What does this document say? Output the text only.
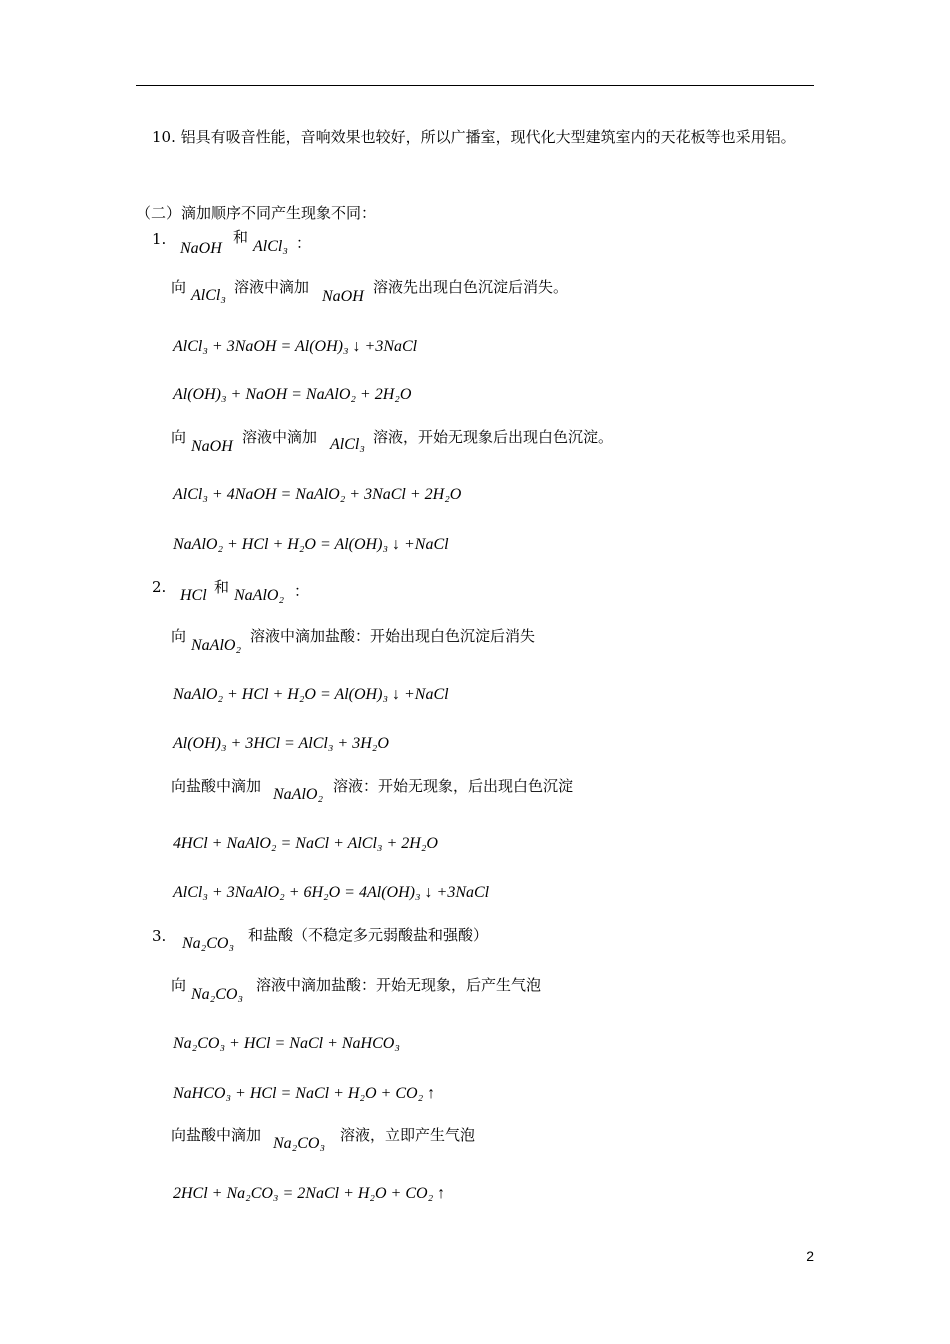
10. 铝具有吸音性能，音响效果也较好，所以广播室，现代化大型建筑室内的天花板等也采用铝。
（二）滴加顺序不同产生现象不同：
1.
NaOH
和
AlCl₃ ：
向 AlCl₃ 溶液中滴加
NaOH
溶液先出现白色沉淀后消失。
AlCl₃ + 3NaOH = Al(OH)₃ ↓ +3NaCl
Al(OH)₃ + NaOH = NaAlO₂ + 2H₂O
向
NaOH
溶液中滴加 AlCl₃ 溶液，开始无现象后出现白色沉淀。
AlCl₃ + 4NaOH = NaAlO₂ + 3NaCl + 2H₂O
NaAlO₂ + HCl + H₂O = Al(OH)₃ ↓ +NaCl
2. HCl 和 NaAlO₂ ：
向
NaAlO₂
溶液中滴加盐酸：开始出现白色沉淀后消失
NaAlO₂ + HCl + H₂O = Al(OH)₃ ↓ +NaCl
Al(OH)₃ + 3HCl = AlCl₃ + 3H₂O
向盐酸中滴加 NaAlO₂ 溶液：开始无现象，后出现白色沉淀
4HCl + NaAlO₂ = NaCl + AlCl₃ + 2H₂O
AlCl₃ + 3NaAlO₂ + 6H₂O = 4Al(OH)₃ ↓ +3NaCl
3. Na₂CO₃ 和盐酸（不稳定多元弱酸盐和强酸）
向
Na₂CO₃
溶液中滴加盐酸：开始无现象，后产生气泡
Na₂CO₃ + HCl = NaCl + NaHCO₃
NaHCO₃ + HCl = NaCl + H₂O + CO₂ ↑
向盐酸中滴加 Na₂CO₃ 溶液，立即产生气泡
2HCl + Na₂CO₃ = 2NaCl + H₂O + CO₂ ↑
2
